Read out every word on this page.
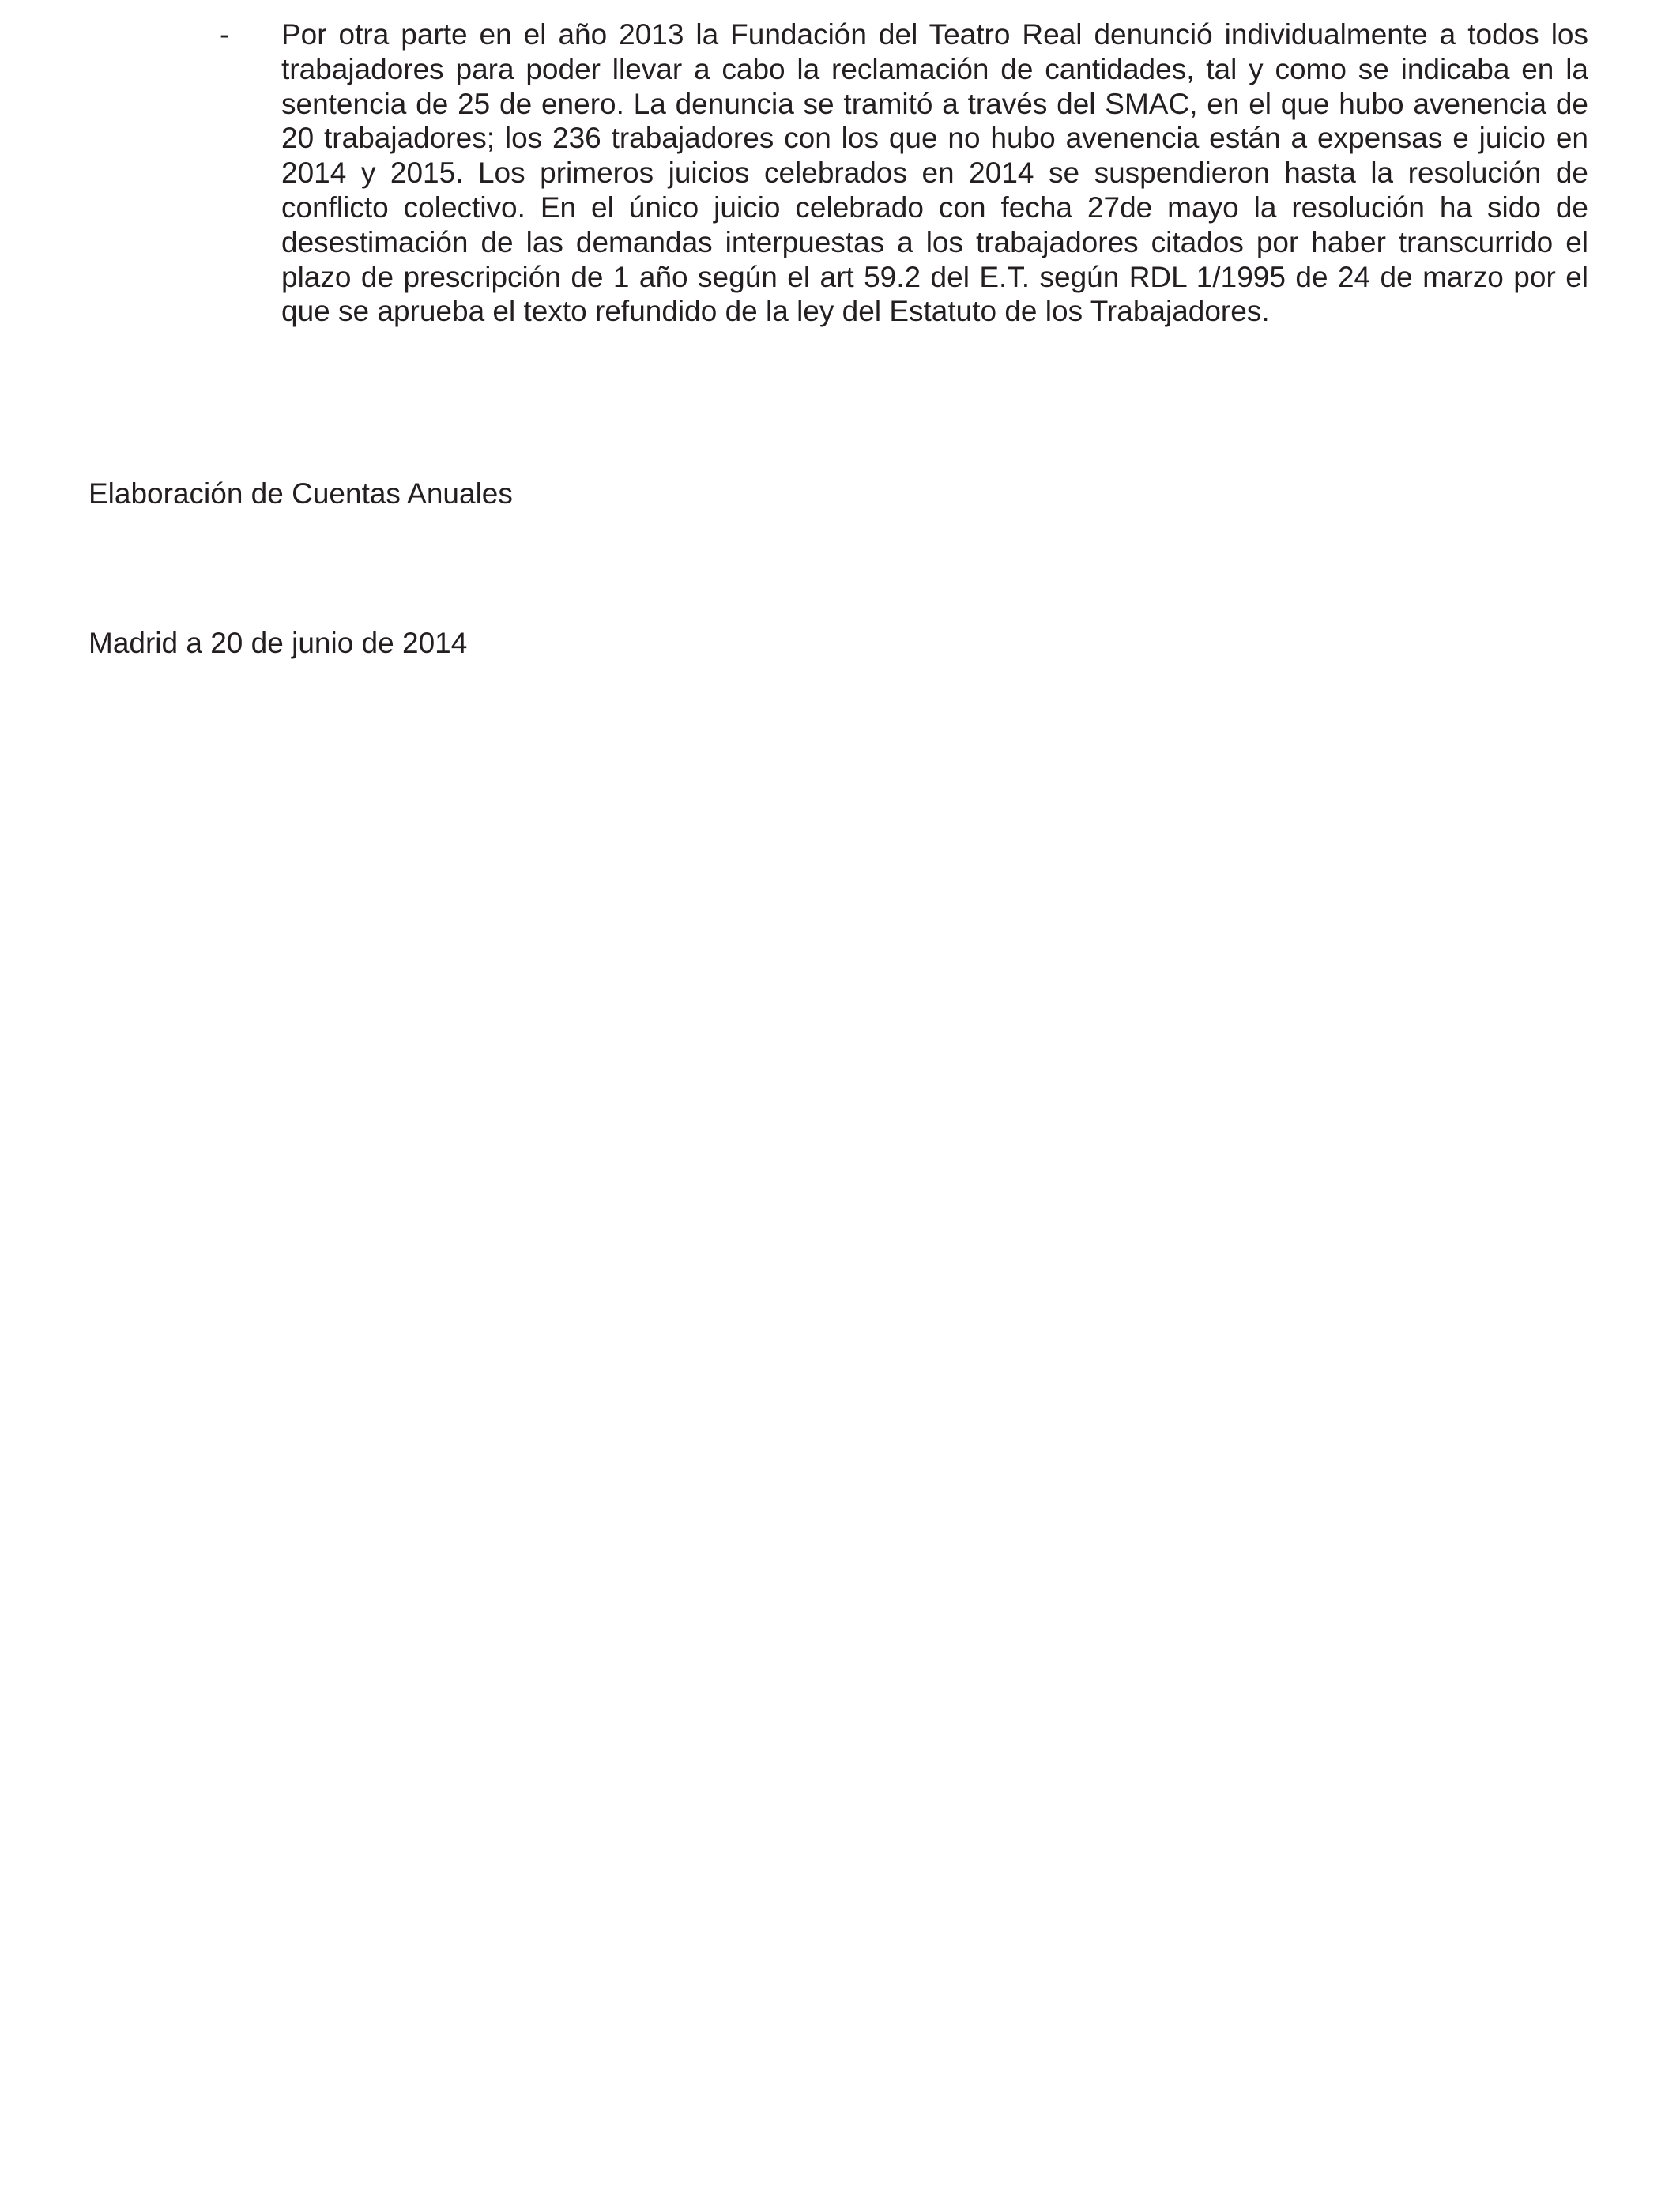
- Por otra parte en el año 2013 la Fundación del Teatro Real denunció individualmente a todos los trabajadores para poder llevar a cabo la reclamación de cantidades, tal y como se indicaba en la sentencia de 25 de enero. La denuncia se tramitó a través del SMAC, en el que hubo avenencia de 20 trabajadores; los 236 trabajadores con los que no hubo avenencia están a expensas e juicio en 2014 y 2015. Los primeros juicios celebrados en 2014 se suspendieron hasta la resolución de conflicto colectivo. En el único juicio celebrado con fecha 27de mayo la resolución ha sido de desestimación de las demandas interpuestas a los trabajadores citados por haber transcurrido el plazo de prescripción de 1 año según el art 59.2 del E.T. según RDL 1/1995 de 24 de marzo por el que se aprueba el texto refundido de la ley del Estatuto de los Trabajadores.

Elaboración de Cuentas Anuales

Madrid a 20 de junio de 2014
